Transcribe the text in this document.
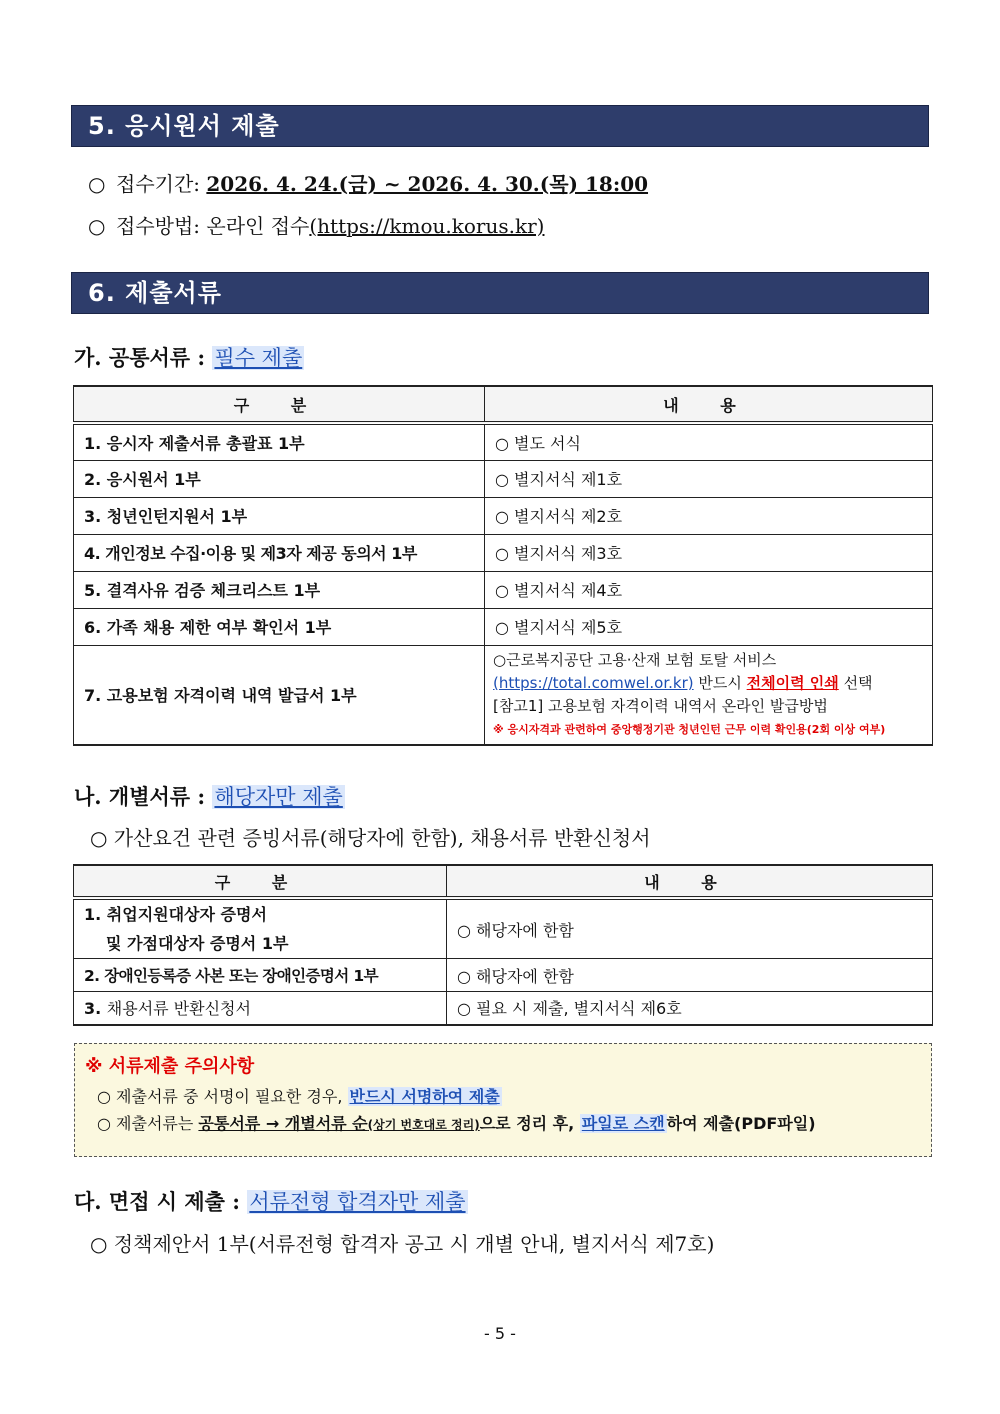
5. 응시원서 제출
○ 접수기간: 2026. 4. 24.(금) ~ 2026. 4. 30.(목) 18:00
○ 접수방법: 온라인 접수(https://kmou.korus.kr)
6. 제출서류
가. 공통서류 : 필수 제출
구 분	내 용
1. 응시자 제출서류 총괄표 1부	○ 별도 서식
2. 응시원서 1부	○ 별지서식 제1호
3. 청년인턴지원서 1부	○ 별지서식 제2호
4. 개인정보 수집·이용 및 제3자 제공 동의서 1부	○ 별지서식 제3호
5. 결격사유 검증 체크리스트 1부	○ 별지서식 제4호
6. 가족 채용 제한 여부 확인서 1부	○ 별지서식 제5호
7. 고용보험 자격이력 내역 발급서 1부	○근로복지공단 고용·산재 보험 토탈 서비스
(https://total.comwel.or.kr) 반드시 전체이력 인쇄 선택
[참고1] 고용보험 자격이력 내역서 온라인 발급방법
※ 응시자격과 관련하여 중앙행정기관 청년인턴 근무 이력 확인용(2회 이상 여부)
나. 개별서류 : 해당자만 제출
○ 가산요건 관련 증빙서류(해당자에 한함), 채용서류 반환신청서
구 분	내 용

1. 취업지원대상자 증명서
및 가점대상자 증명서 1부	○ 해당자에 한함
2. 장애인등록증 사본 또는 장애인증명서 1부	○ 해당자에 한함
3. 채용서류 반환신청서	○ 필요 시 제출, 별지서식 제6호
※ 서류제출 주의사항
○ 제출서류 중 서명이 필요한 경우, 반드시 서명하여 제출
○ 제출서류는 공통서류 → 개별서류 순(상기 번호대로 정리)으로 정리 후, 파일로 스캔 하여 제출(PDF파일)
다. 면접 시 제출 : 서류전형 합격자만 제출
○ 정책제안서 1부(서류전형 합격자 공고 시 개별 안내, 별지서식 제7호)
- 5 -
